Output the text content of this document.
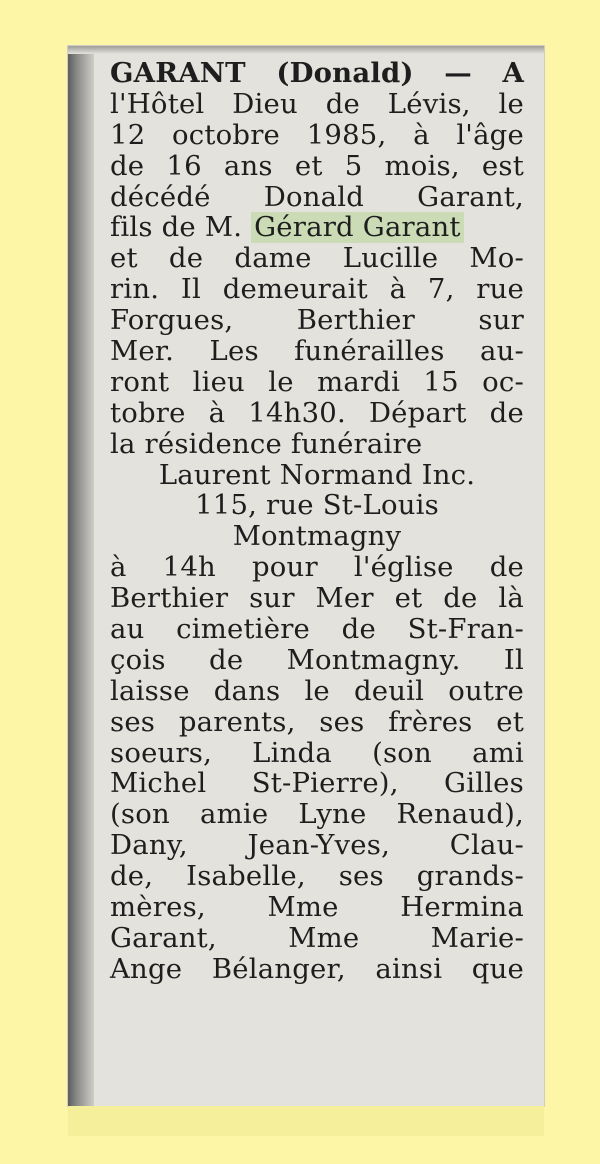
GARANT (Donald) — A
l'Hôtel Dieu de Lévis, le
12 octobre 1985, à l'âge
de 16 ans et 5 mois, est
décédé Donald Garant,
fils de M.
Gérard Garant
et de dame Lucille Mo-
rin. Il demeurait à 7, rue
Forgues, Berthier sur
Mer. Les funérailles au-
ront lieu le mardi 15 oc-
tobre à 14h30. Départ de
la résidence funéraire
Laurent Normand Inc.
115, rue St-Louis
Montmagny
à 14h pour l'église de
Berthier sur Mer et de là
au cimetière de St-Fran-
çois de Montmagny. Il
laisse dans le deuil outre
ses parents, ses frères et
soeurs, Linda (son ami
Michel St-Pierre), Gilles
(son amie Lyne Renaud),
Dany, Jean-Yves, Clau-
de, Isabelle, ses grands-
mères, Mme Hermina
Garant,	Mme	Marie-
Ange Bélanger, ainsi que
